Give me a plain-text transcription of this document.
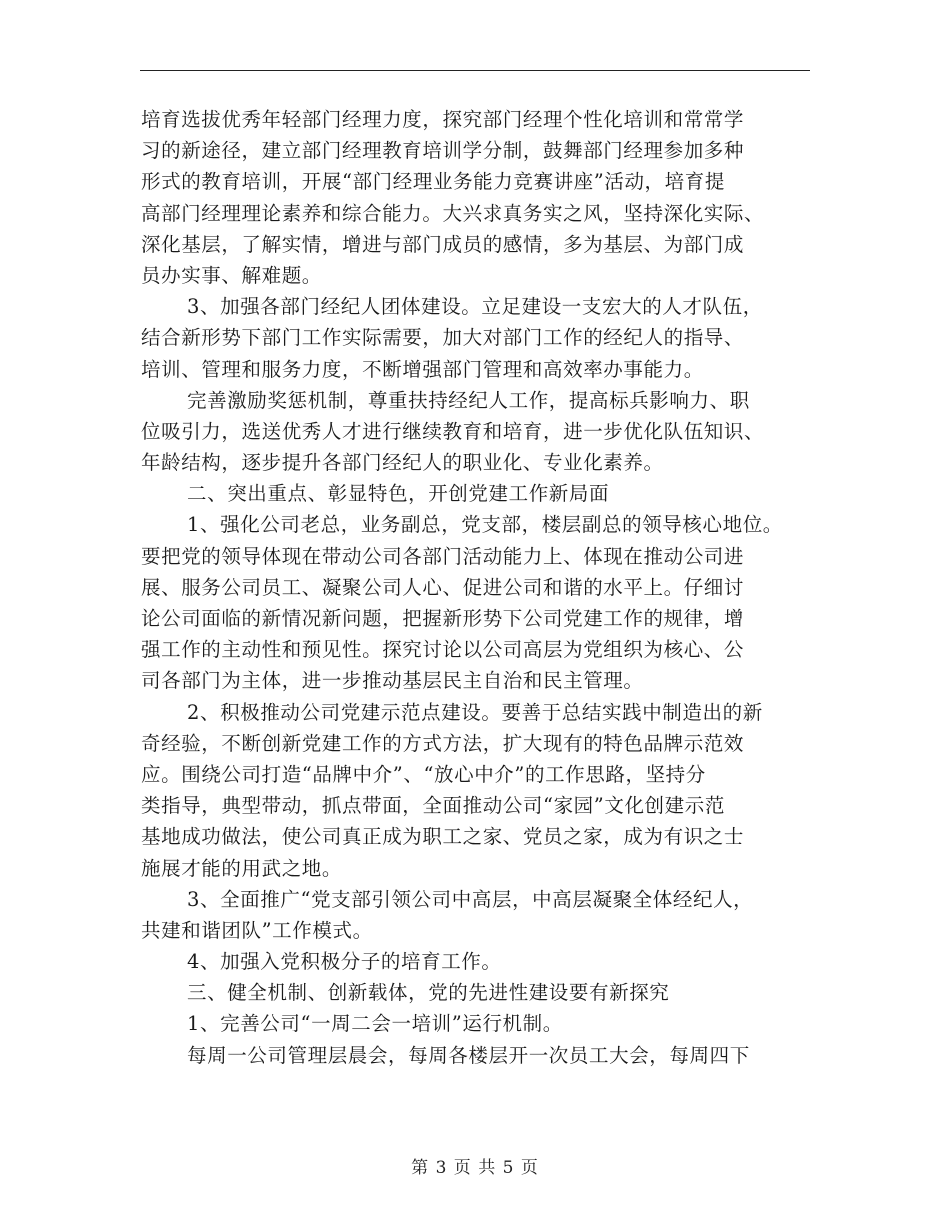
培育选拔优秀年轻部门经理力度，探究部门经理个性化培训和常常学
习的新途径，建立部门经理教育培训学分制，鼓舞部门经理参加多种
形式的教育培训，开展“部门经理业务能力竞赛讲座”活动，培育提
高部门经理理论素养和综合能力。大兴求真务实之风，坚持深化实际、
深化基层，了解实情，增进与部门成员的感情，多为基层、为部门成
员办实事、解难题。
3、加强各部门经纪人团体建设。立足建设一支宏大的人才队伍，
结合新形势下部门工作实际需要，加大对部门工作的经纪人的指导、
培训、管理和服务力度，不断增强部门管理和高效率办事能力。
完善激励奖惩机制，尊重扶持经纪人工作，提高标兵影响力、职
位吸引力，选送优秀人才进行继续教育和培育，进一步优化队伍知识、
年龄结构，逐步提升各部门经纪人的职业化、专业化素养。
二、突出重点、彰显特色，开创党建工作新局面
1、强化公司老总，业务副总，党支部，楼层副总的领导核心地位。
要把党的领导体现在带动公司各部门活动能力上、体现在推动公司进
展、服务公司员工、凝聚公司人心、促进公司和谐的水平上。仔细讨
论公司面临的新情况新问题，把握新形势下公司党建工作的规律，增
强工作的主动性和预见性。探究讨论以公司高层为党组织为核心、公
司各部门为主体，进一步推动基层民主自治和民主管理。
2、积极推动公司党建示范点建设。要善于总结实践中制造出的新
奇经验，不断创新党建工作的方式方法，扩大现有的特色品牌示范效
应。围绕公司打造“品牌中介”、“放心中介”的工作思路，坚持分
类指导，典型带动，抓点带面，全面推动公司“家园”文化创建示范
基地成功做法，使公司真正成为职工之家、党员之家，成为有识之士
施展才能的用武之地。
3、全面推广“党支部引领公司中高层，中高层凝聚全体经纪人，
共建和谐团队”工作模式。
4、加强入党积极分子的培育工作。
三、健全机制、创新载体，党的先进性建设要有新探究
1、完善公司“一周二会一培训”运行机制。
每周一公司管理层晨会，每周各楼层开一次员工大会，每周四下
第 3 页 共 5 页
